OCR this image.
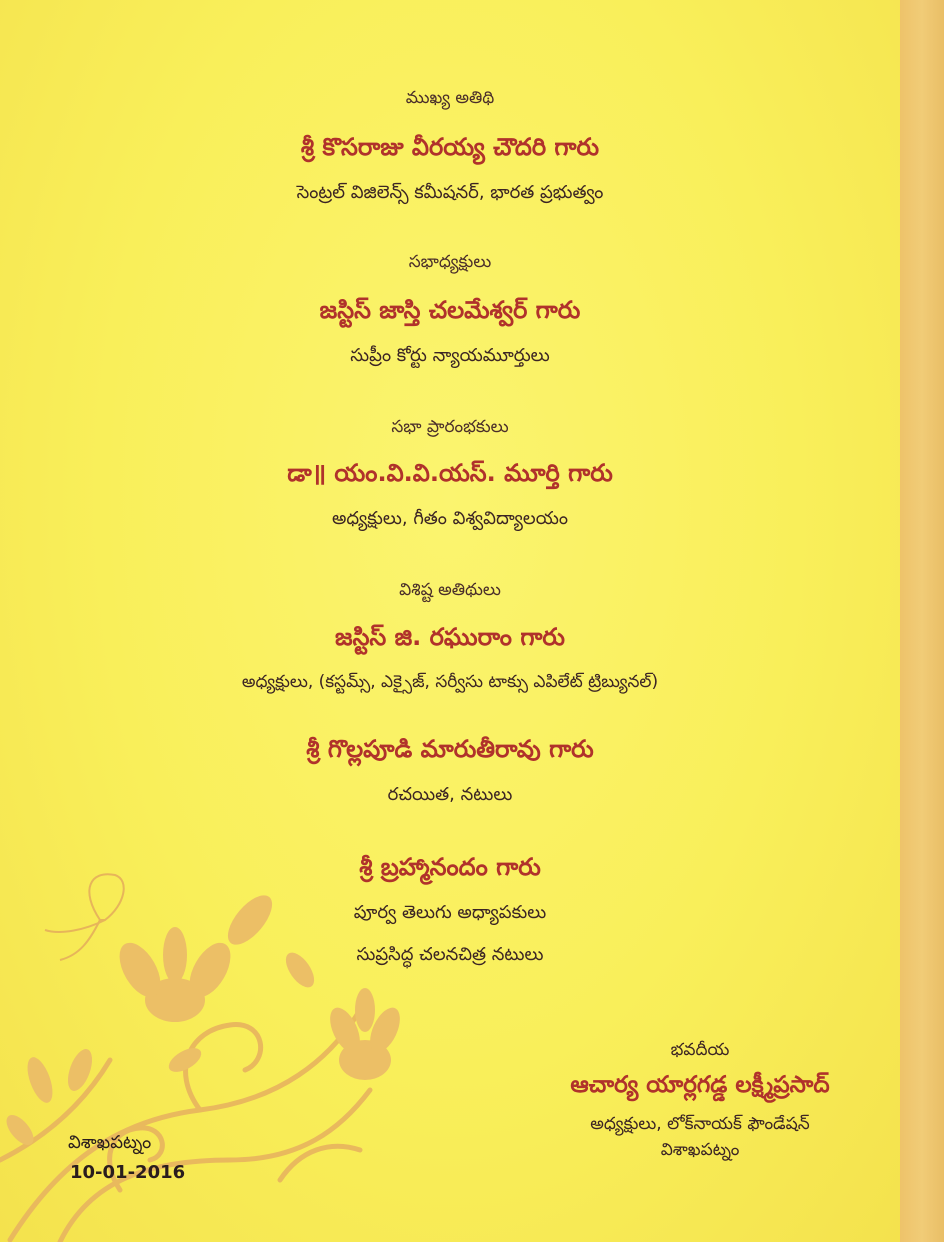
ముఖ్య అతిథి
శ్రీ కొసరాజు వీరయ్య చౌదరి గారు
సెంట్రల్ విజిలెన్స్ కమీషనర్, భారత ప్రభుత్వం
సభాధ్యక్షులు
జస్టిస్ జాస్తి చలమేశ్వర్ గారు
సుప్రీం కోర్టు న్యాయమూర్తులు
సభా ప్రారంభకులు
డా॥ యం.వి.వి.యస్. మూర్తి గారు
అధ్యక్షులు, గీతం విశ్వవిద్యాలయం
విశిష్ట అతిథులు
జస్టిస్ జి. రఘురాం గారు
అధ్యక్షులు, (కస్టమ్స్, ఎక్సైజ్, సర్వీసు టాక్సు ఎపిలేట్ ట్రిబ్యునల్)
శ్రీ గొల్లపూడి మారుతీరావు గారు
రచయిత, నటులు
శ్రీ బ్రహ్మానందం గారు
పూర్వ తెలుగు అధ్యాపకులు
సుప్రసిద్ధ చలనచిత్ర నటులు
భవదీయ
ఆచార్య యార్లగడ్డ లక్ష్మీప్రసాద్
అధ్యక్షులు, లోక్‌నాయక్ ఫౌండేషన్
విశాఖపట్నం
విశాఖపట్నం
10-01-2016
